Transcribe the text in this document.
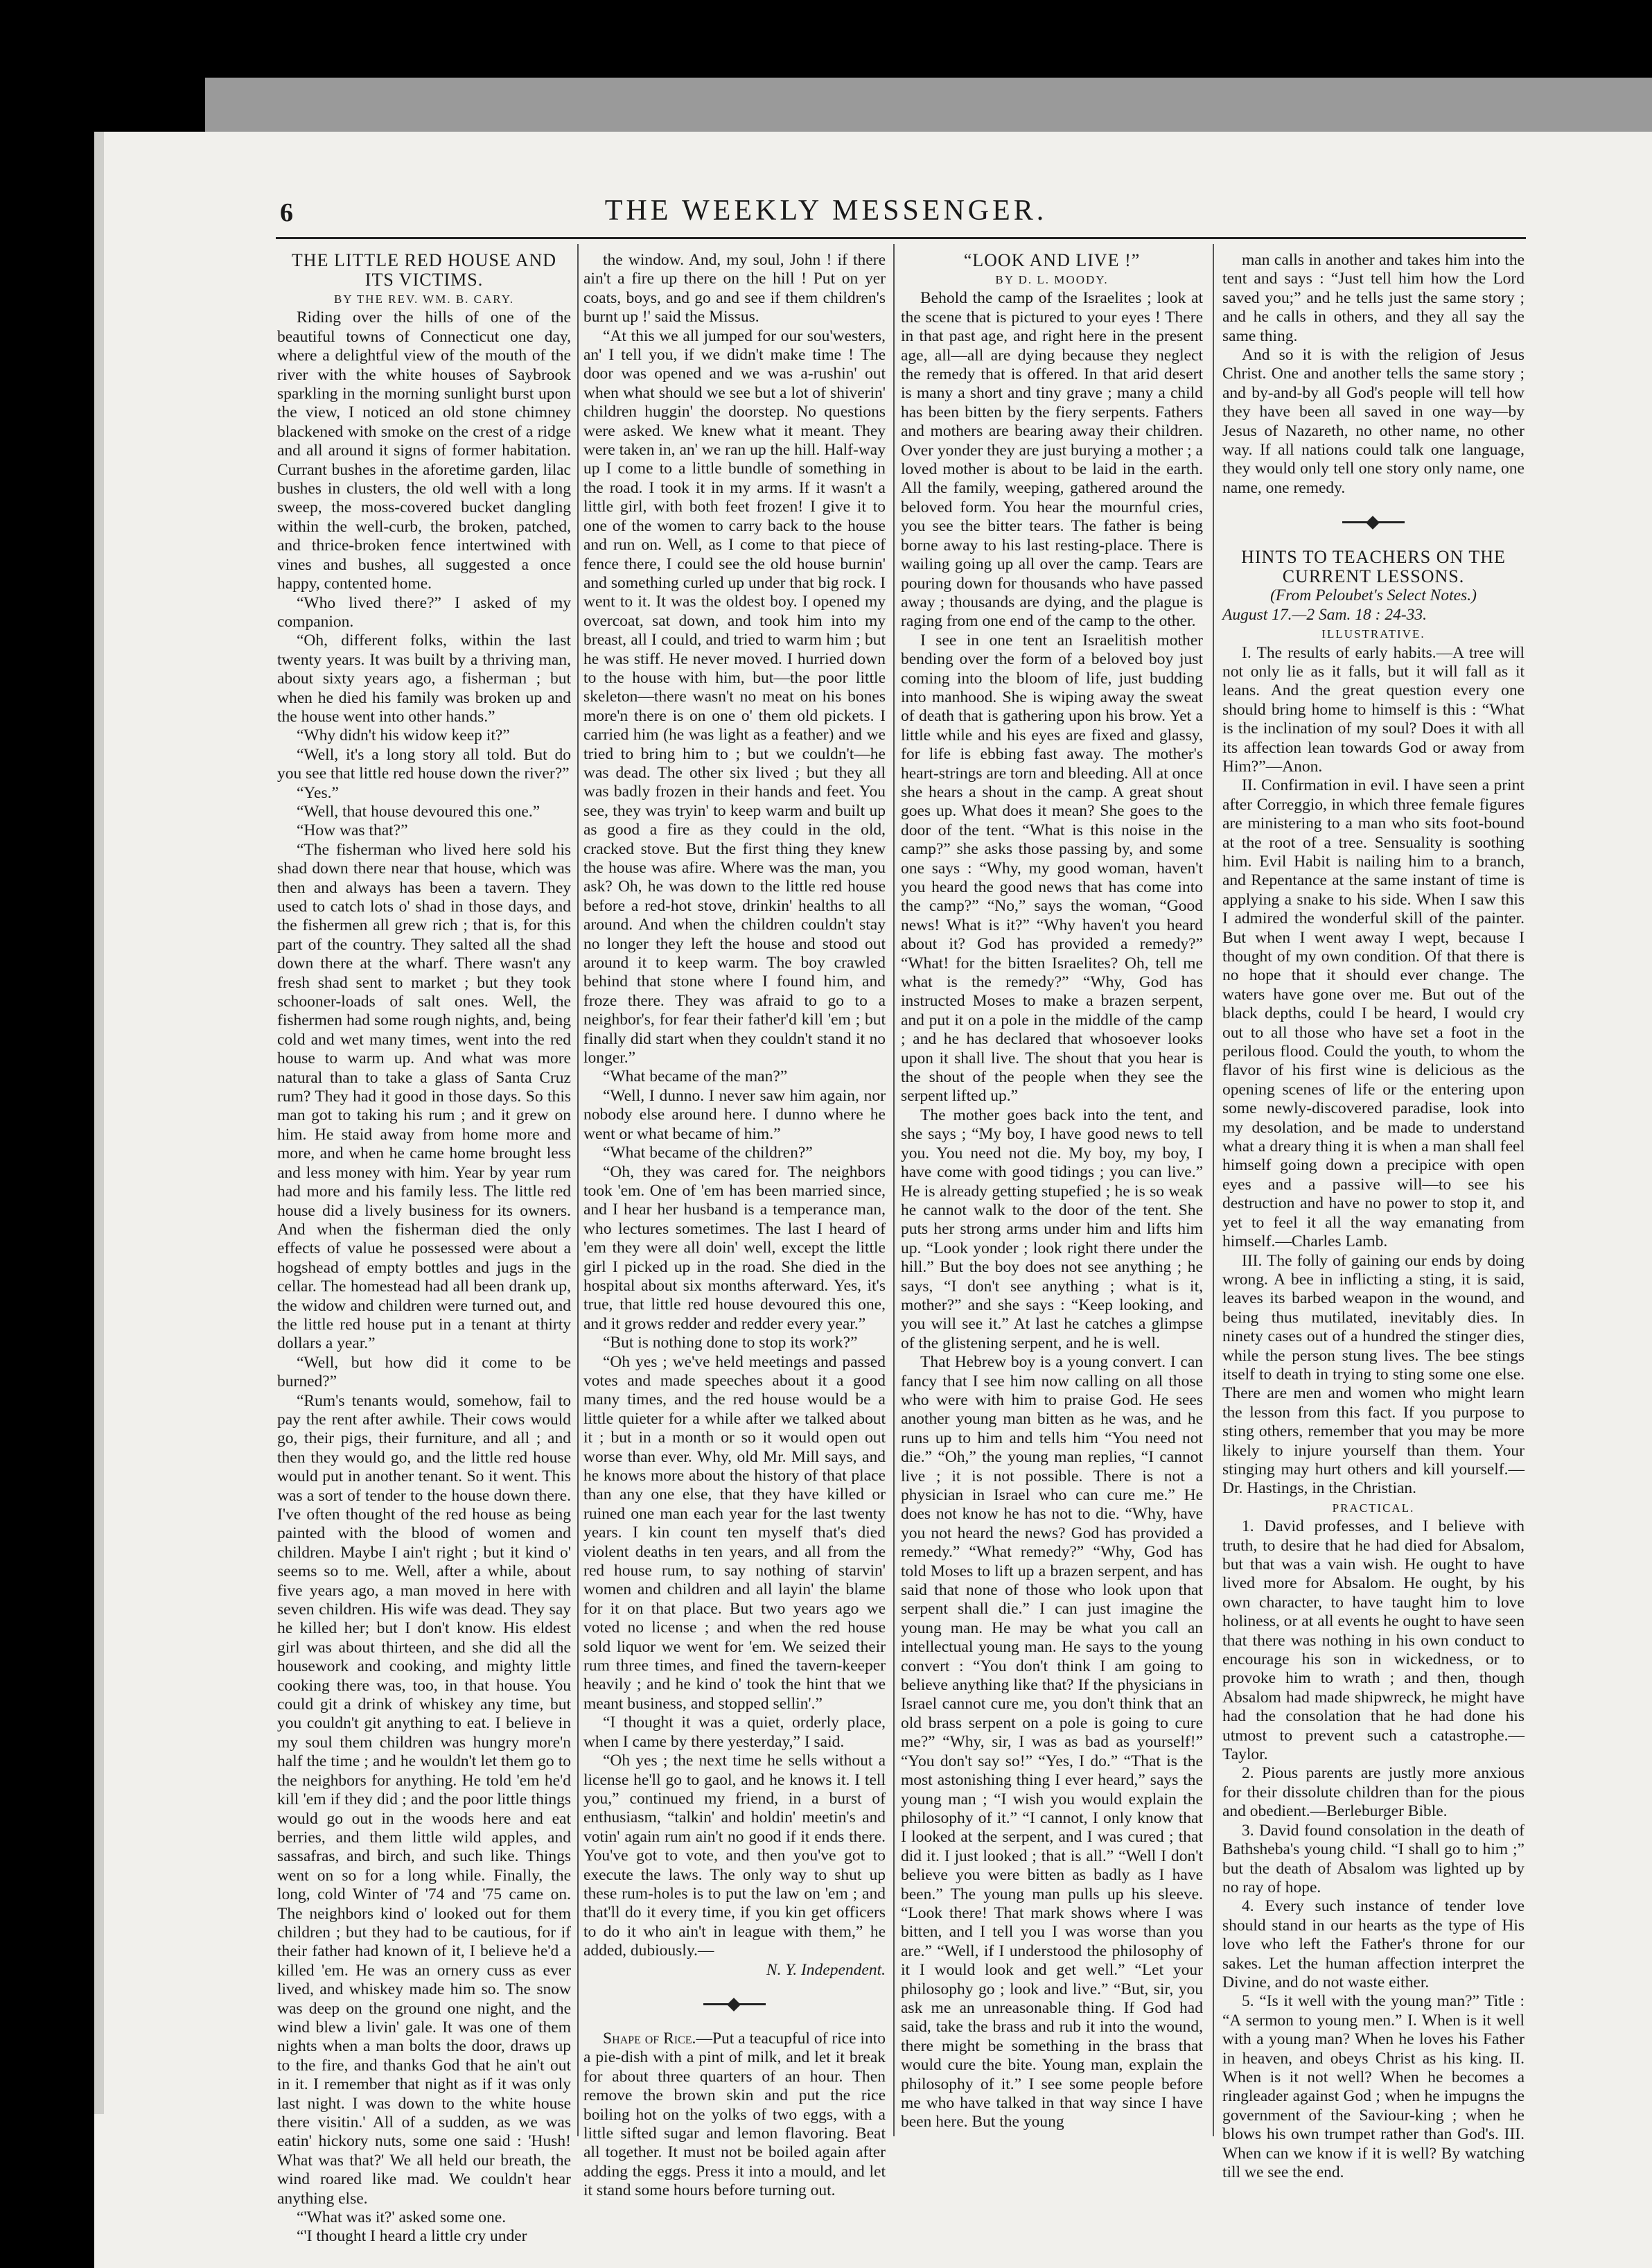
6	THE WEEKLY MESSENGER.

THE LITTLE RED HOUSE AND ITS VICTIMS.

BY THE REV. WM. B. CARY.

Riding over the hills of one of the beautiful towns of Connecticut one day, where a delightful view of the mouth of the river with the white houses of Saybrook sparkling in the morning sunlight burst upon the view, I noticed an old stone chimney blackened with smoke on the crest of a ridge and all around it signs of former habitation. Currant bushes in the aforetime garden, lilac bushes in clusters, the old well with a long sweep, the moss-covered bucket dangling within the well-curb, the broken, patched, and thrice-broken fence intertwined with vines and bushes, all suggested a once happy, contented home.

“Who lived there?” I asked of my companion.

“Oh, different folks, within the last twenty years. It was built by a thriving man, about sixty years ago, a fisherman ; but when he died his family was broken up and the house went into other hands.”

“Why didn't his widow keep it?”

“Well, it's a long story all told. But do you see that little red house down the river?”

“Yes.”

“Well, that house devoured this one.”

“How was that?”

“The fisherman who lived here sold his shad down there near that house, which was then and always has been a tavern. They used to catch lots o' shad in those days, and the fishermen all grew rich ; that is, for this part of the country. They salted all the shad down there at the wharf. There wasn't any fresh shad sent to market ; but they took schooner-loads of salt ones. Well, the fishermen had some rough nights, and, being cold and wet many times, went into the red house to warm up. And what was more natural than to take a glass of Santa Cruz rum? They had it good in those days. So this man got to taking his rum ; and it grew on him. He staid away from home more and more, and when he came home brought less and less money with him. Year by year rum had more and his family less. The little red house did a lively business for its owners. And when the fisherman died the only effects of value he possessed were about a hogshead of empty bottles and jugs in the cellar. The homestead had all been drank up, the widow and children were turned out, and the little red house put in a tenant at thirty dollars a year.”

“Well, but how did it come to be burned?”

“Rum's tenants would, somehow, fail to pay the rent after awhile. Their cows would go, their pigs, their furniture, and all ; and then they would go, and the little red house would put in another tenant. So it went. This was a sort of tender to the house down there. I've often thought of the red house as being painted with the blood of women and children. Maybe I ain't right ; but it kind o' seems so to me. Well, after a while, about five years ago, a man moved in here with seven children. His wife was dead. They say he killed her; but I don't know. His eldest girl was about thirteen, and she did all the housework and cooking, and mighty little cooking there was, too, in that house. You could git a drink of whiskey any time, but you couldn't git anything to eat. I believe in my soul them children was hungry more'n half the time ; and he wouldn't let them go to the neighbors for anything. He told 'em he'd kill 'em if they did ; and the poor little things would go out in the woods here and eat berries, and them little wild apples, and sassafras, and birch, and such like. Things went on so for a long while. Finally, the long, cold Winter of '74 and '75 came on. The neighbors kind o' looked out for them children ; but they had to be cautious, for if their father had known of it, I believe he'd a killed 'em. He was an ornery cuss as ever lived, and whiskey made him so. The snow was deep on the ground one night, and the wind blew a livin' gale. It was one of them nights when a man bolts the door, draws up to the fire, and thanks God that he ain't out in it. I remember that night as if it was only last night. I was down to the white house there visitin.' All of a sudden, as we was eatin' hickory nuts, some one said : 'Hush! What was that?' We all held our breath, the wind roared like mad. We couldn't hear anything else.

“'What was it?' asked some one.

“'I thought I heard a little cry under

the window. And, my soul, John ! if there ain't a fire up there on the hill ! Put on yer coats, boys, and go and see if them children's burnt up !' said the Missus.

“At this we all jumped for our sou'westers, an' I tell you, if we didn't make time ! The door was opened and we was a-rushin' out when what should we see but a lot of shiverin' children huggin' the doorstep. No questions were asked. We knew what it meant. They were taken in, an' we ran up the hill. Half-way up I come to a little bundle of something in the road. I took it in my arms. If it wasn't a little girl, with both feet frozen! I give it to one of the women to carry back to the house and run on. Well, as I come to that piece of fence there, I could see the old house burnin' and something curled up under that big rock. I went to it. It was the oldest boy. I opened my overcoat, sat down, and took him into my breast, all I could, and tried to warm him ; but he was stiff. He never moved. I hurried down to the house with him, but—the poor little skeleton—there wasn't no meat on his bones more'n there is on one o' them old pickets. I carried him (he was light as a feather) and we tried to bring him to ; but we couldn't—he was dead. The other six lived ; but they all was badly frozen in their hands and feet. You see, they was tryin' to keep warm and built up as good a fire as they could in the old, cracked stove. But the first thing they knew the house was afire. Where was the man, you ask? Oh, he was down to the little red house before a red-hot stove, drinkin' healths to all around. And when the children couldn't stay no longer they left the house and stood out around it to keep warm. The boy crawled behind that stone where I found him, and froze there. They was afraid to go to a neighbor's, for fear their father'd kill 'em ; but finally did start when they couldn't stand it no longer.”

“What became of the man?”

“Well, I dunno. I never saw him again, nor nobody else around here. I dunno where he went or what became of him.”

“What became of the children?”

“Oh, they was cared for. The neighbors took 'em. One of 'em has been married since, and I hear her husband is a temperance man, who lectures sometimes. The last I heard of 'em they were all doin' well, except the little girl I picked up in the road. She died in the hospital about six months afterward. Yes, it's true, that little red house devoured this one, and it grows redder and redder every year.”

“But is nothing done to stop its work?”

“Oh yes ; we've held meetings and passed votes and made speeches about it a good many times, and the red house would be a little quieter for a while after we talked about it ; but in a month or so it would open out worse than ever. Why, old Mr. Mill says, and he knows more about the history of that place than any one else, that they have killed or ruined one man each year for the last twenty years. I kin count ten myself that's died violent deaths in ten years, and all from the red house rum, to say nothing of starvin' women and children and all layin' the blame for it on that place. But two years ago we voted no license ; and when the red house sold liquor we went for 'em. We seized their rum three times, and fined the tavern-keeper heavily ; and he kind o' took the hint that we meant business, and stopped sellin'.”

“I thought it was a quiet, orderly place, when I came by there yesterday,” I said.

“Oh yes ; the next time he sells without a license he'll go to gaol, and he knows it. I tell you,” continued my friend, in a burst of enthusiasm, “talkin' and holdin' meetin's and votin' again rum ain't no good if it ends there. You've got to vote, and then you've got to execute the laws. The only way to shut up these rum-holes is to put the law on 'em ; and that'll do it every time, if you kin get officers to do it who ain't in league with them,” he added, dubiously.—

N. Y. Independent.

Shape of Rice.—Put a teacupful of rice into a pie-dish with a pint of milk, and let it break for about three quarters of an hour. Then remove the brown skin and put the rice boiling hot on the yolks of two eggs, with a little sifted sugar and lemon flavoring. Beat all together. It must not be boiled again after adding the eggs. Press it into a mould, and let it stand some hours before turning out.

“LOOK AND LIVE !”

BY D. L. MOODY.

Behold the camp of the Israelites ; look at the scene that is pictured to your eyes ! There in that past age, and right here in the present age, all—all are dying because they neglect the remedy that is offered. In that arid desert is many a short and tiny grave ; many a child has been bitten by the fiery serpents. Fathers and mothers are bearing away their children. Over yonder they are just burying a mother ; a loved mother is about to be laid in the earth. All the family, weeping, gathered around the beloved form. You hear the mournful cries, you see the bitter tears. The father is being borne away to his last resting-place. There is wailing going up all over the camp. Tears are pouring down for thousands who have passed away ; thousands are dying, and the plague is raging from one end of the camp to the other.

I see in one tent an Israelitish mother bending over the form of a beloved boy just coming into the bloom of life, just budding into manhood. She is wiping away the sweat of death that is gathering upon his brow. Yet a little while and his eyes are fixed and glassy, for life is ebbing fast away. The mother's heart-strings are torn and bleeding. All at once she hears a shout in the camp. A great shout goes up. What does it mean? She goes to the door of the tent. “What is this noise in the camp?” she asks those passing by, and some one says : “Why, my good woman, haven't you heard the good news that has come into the camp?” “No,” says the woman, “Good news! What is it?” “Why haven't you heard about it? God has provided a remedy?” “What! for the bitten Israelites? Oh, tell me what is the remedy?” “Why, God has instructed Moses to make a brazen serpent, and put it on a pole in the middle of the camp ; and he has declared that whosoever looks upon it shall live. The shout that you hear is the shout of the people when they see the serpent lifted up.”

The mother goes back into the tent, and she says ; “My boy, I have good news to tell you. You need not die. My boy, my boy, I have come with good tidings ; you can live.” He is already getting stupefied ; he is so weak he cannot walk to the door of the tent. She puts her strong arms under him and lifts him up. “Look yonder ; look right there under the hill.” But the boy does not see anything ; he says, “I don't see anything ; what is it, mother?” and she says : “Keep looking, and you will see it.” At last he catches a glimpse of the glistening serpent, and he is well.

That Hebrew boy is a young convert. I can fancy that I see him now calling on all those who were with him to praise God. He sees another young man bitten as he was, and he runs up to him and tells him “You need not die.” “Oh,” the young man replies, “I cannot live ; it is not possible. There is not a physician in Israel who can cure me.” He does not know he has not to die. “Why, have you not heard the news? God has provided a remedy.” “What remedy?” “Why, God has told Moses to lift up a brazen serpent, and has said that none of those who look upon that serpent shall die.” I can just imagine the young man. He may be what you call an intellectual young man. He says to the young convert : “You don't think I am going to believe anything like that? If the physicians in Israel cannot cure me, you don't think that an old brass serpent on a pole is going to cure me?” “Why, sir, I was as bad as yourself!” “You don't say so!” “Yes, I do.” “That is the most astonishing thing I ever heard,” says the young man ; “I wish you would explain the philosophy of it.” “I cannot, I only know that I looked at the serpent, and I was cured ; that did it. I just looked ; that is all.” “Well I don't believe you were bitten as badly as I have been.” The young man pulls up his sleeve. “Look there! That mark shows where I was bitten, and I tell you I was worse than you are.” “Well, if I understood the philosophy of it I would look and get well.” “Let your philosophy go ; look and live.” “But, sir, you ask me an unreasonable thing. If God had said, take the brass and rub it into the wound, there might be something in the brass that would cure the bite. Young man, explain the philosophy of it.” I see some people before me who have talked in that way since I have been here. But the young

man calls in another and takes him into the tent and says : “Just tell him how the Lord saved you;” and he tells just the same story ; and he calls in others, and they all say the same thing.

And so it is with the religion of Jesus Christ. One and another tells the same story ; and by-and-by all God's people will tell how they have been all saved in one way—by Jesus of Nazareth, no other name, no other way. If all nations could talk one language, they would only tell one story only name, one name, one remedy.

HINTS TO TEACHERS ON THE CURRENT LESSONS.

(From Peloubet's Select Notes.)

August 17.—2 Sam. 18 : 24-33.

ILLUSTRATIVE.

I. The results of early habits.—A tree will not only lie as it falls, but it will fall as it leans. And the great question every one should bring home to himself is this : “What is the inclination of my soul? Does it with all its affection lean towards God or away from Him?”—Anon.

II. Confirmation in evil. I have seen a print after Correggio, in which three female figures are ministering to a man who sits foot-bound at the root of a tree. Sensuality is soothing him. Evil Habit is nailing him to a branch, and Repentance at the same instant of time is applying a snake to his side. When I saw this I admired the wonderful skill of the painter. But when I went away I wept, because I thought of my own condition. Of that there is no hope that it should ever change. The waters have gone over me. But out of the black depths, could I be heard, I would cry out to all those who have set a foot in the perilous flood. Could the youth, to whom the flavor of his first wine is delicious as the opening scenes of life or the entering upon some newly-discovered paradise, look into my desolation, and be made to understand what a dreary thing it is when a man shall feel himself going down a precipice with open eyes and a passive will—to see his destruction and have no power to stop it, and yet to feel it all the way emanating from himself.—Charles Lamb.

III. The folly of gaining our ends by doing wrong. A bee in inflicting a sting, it is said, leaves its barbed weapon in the wound, and being thus mutilated, inevitably dies. In ninety cases out of a hundred the stinger dies, while the person stung lives. The bee stings itself to death in trying to sting some one else. There are men and women who might learn the lesson from this fact. If you purpose to sting others, remember that you may be more likely to injure yourself than them. Your stinging may hurt others and kill yourself.—Dr. Hastings, in the Christian.

PRACTICAL.

1. David professes, and I believe with truth, to desire that he had died for Absalom, but that was a vain wish. He ought to have lived more for Absalom. He ought, by his own character, to have taught him to love holiness, or at all events he ought to have seen that there was nothing in his own conduct to encourage his son in wickedness, or to provoke him to wrath ; and then, though Absalom had made shipwreck, he might have had the consolation that he had done his utmost to prevent such a catastrophe.—Taylor.

2. Pious parents are justly more anxious for their dissolute children than for the pious and obedient.—Berleburger Bible.

3. David found consolation in the death of Bathsheba's young child. “I shall go to him ;” but the death of Absalom was lighted up by no ray of hope.

4. Every such instance of tender love should stand in our hearts as the type of His love who left the Father's throne for our sakes. Let the human affection interpret the Divine, and do not waste either.

5. “Is it well with the young man?” Title : “A sermon to young men.” I. When is it well with a young man? When he loves his Father in heaven, and obeys Christ as his king. II. When is it not well? When he becomes a ringleader against God ; when he impugns the government of the Saviour-king ; when he blows his own trumpet rather than God's. III. When can we know if it is well? By watching till we see the end.
